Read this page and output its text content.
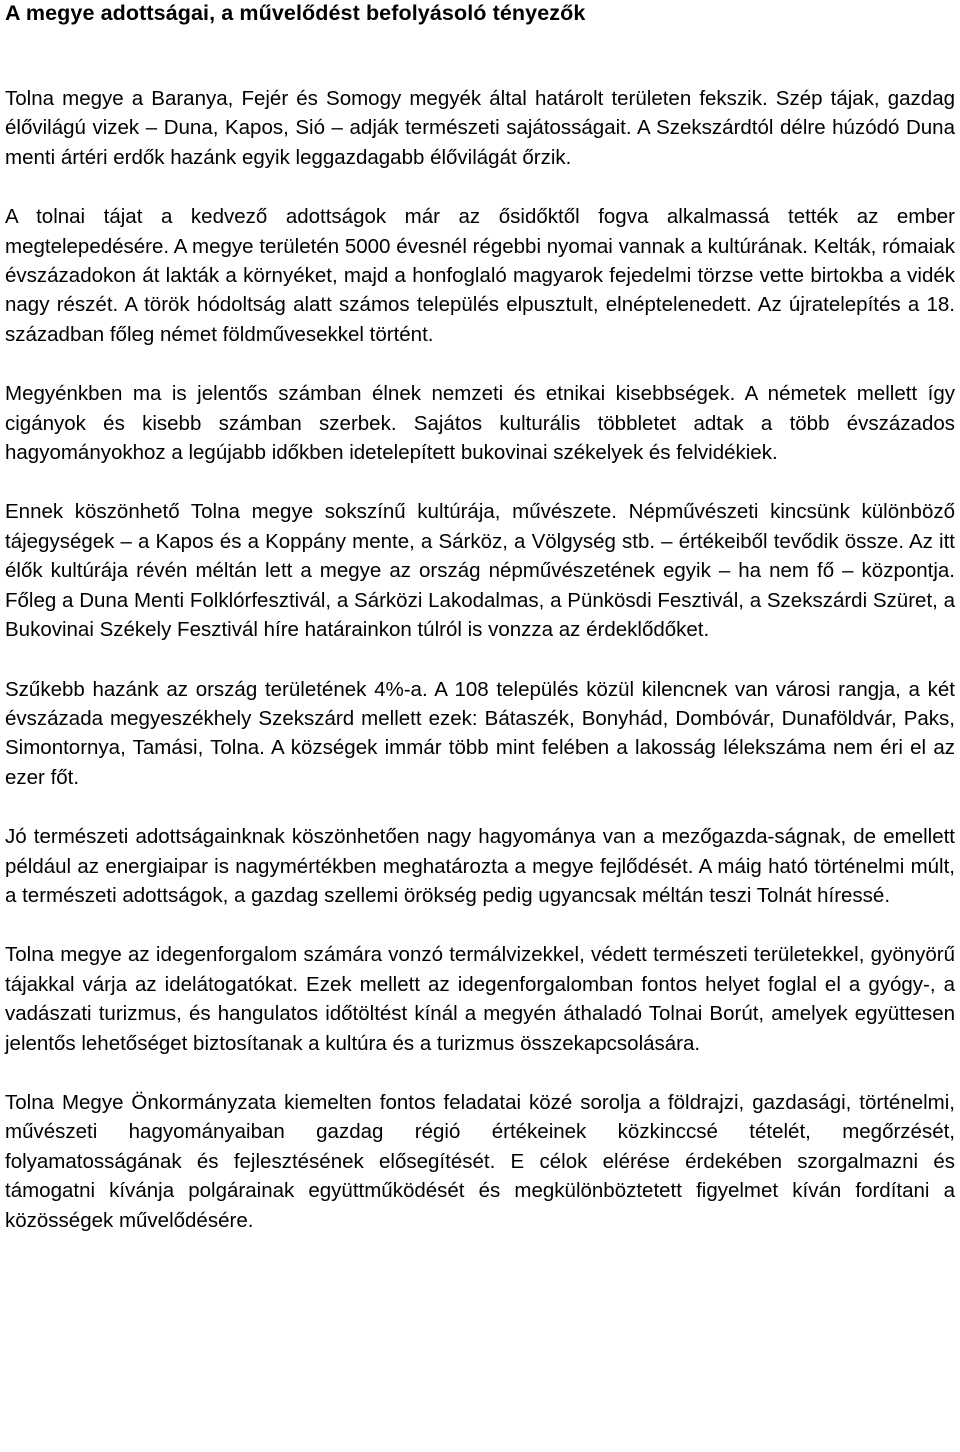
A megye adottságai, a művelődést befolyásoló tényezők

Tolna megye a Baranya, Fejér és Somogy megyék által határolt területen fekszik. Szép tájak, gazdag élővilágú vizek – Duna, Kapos, Sió – adják természeti sajátosságait. A Szekszárdtól délre húzódó Duna menti ártéri erdők hazánk egyik leggazdagabb élővilágát őrzik.

A tolnai tájat a kedvező adottságok már az ősidőktől fogva alkalmassá tették az ember megtelepedésére. A megye területén 5000 évesnél régebbi nyomai vannak a kultúrának. Kelták, rómaiak évszázadokon át lakták a környéket, majd a honfoglaló magyarok fejedelmi törzse vette birtokba a vidék nagy részét. A török hódoltság alatt számos település elpusztult, elnéptelenedett. Az újratelepítés a 18. században főleg német földművesekkel történt.

Megyénkben ma is jelentős számban élnek nemzeti és etnikai kisebbségek. A németek mellett így cigányok és kisebb számban szerbek. Sajátos kulturális többletet adtak a több évszázados hagyományokhoz a legújabb időkben idetelepített bukovinai székelyek és felvidékiek.

Ennek köszönhető Tolna megye sokszínű kultúrája, művészete. Népművészeti kincsünk különböző tájegységek – a Kapos és a Koppány mente, a Sárköz, a Völgység stb. – értékeiből tevődik össze. Az itt élők kultúrája révén méltán lett a megye az ország népművészetének egyik – ha nem fő – központja. Főleg a Duna Menti Folklórfesztivál, a Sárközi Lakodalmas, a Pünkösdi Fesztivál, a Szekszárdi Szüret, a Bukovinai Székely Fesztivál híre határainkon túlról is vonzza az érdeklődőket.

Szűkebb hazánk az ország területének 4%-a. A 108 település közül kilencnek van városi rangja, a két évszázada megyeszékhely Szekszárd mellett ezek: Bátaszék, Bonyhád, Dombóvár, Dunaföldvár, Paks, Simontornya, Tamási, Tolna. A községek immár több mint felében a lakosság lélekszáma nem éri el az ezer főt.

Jó természeti adottságainknak köszönhetően nagy hagyománya van a mezőgazda-ságnak, de emellett például az energiaipar is nagymértékben meghatározta a megye fejlődését. A máig ható történelmi múlt, a természeti adottságok, a gazdag szellemi örökség pedig ugyancsak méltán teszi Tolnát híressé.

Tolna megye az idegenforgalom számára vonzó termálvizekkel, védett természeti területekkel, gyönyörű tájakkal várja az idelátogatókat. Ezek mellett az idegenforgalomban fontos helyet foglal el a gyógy-, a vadászati turizmus, és hangulatos időtöltést kínál a megyén áthaladó Tolnai Borút, amelyek együttesen jelentős lehetőséget biztosítanak a kultúra és a turizmus összekapcsolására.

Tolna Megye Önkormányzata kiemelten fontos feladatai közé sorolja a földrajzi, gazdasági, történelmi, művészeti hagyományaiban gazdag régió értékeinek közkinccsé tételét, megőrzését, folyamatosságának és fejlesztésének elősegítését. E célok elérése érdekében szorgalmazni és támogatni kívánja polgárainak együttműködését és megkülönböztetett figyelmet kíván fordítani a közösségek művelődésére.
